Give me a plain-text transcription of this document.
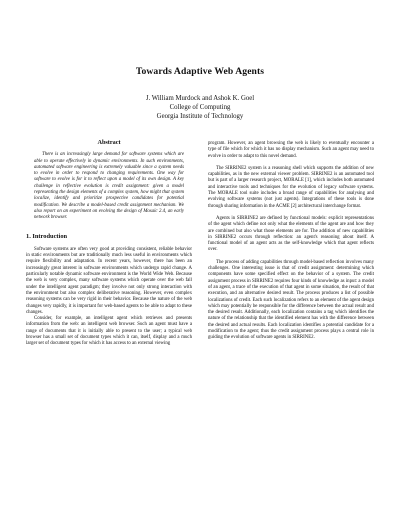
Towards Adaptive Web Agents
J. William Murdock and Ashok K. Goel
College of Computing
Georgia Institute of Technology
Abstract

There is an increasingly large demand for software systems which are able to operate effectively in dynamic environments. In such environments, automated software engineering is extremely valuable since a system needs to evolve in order to respond to changing requirements. One way for software to evolve is for it to reflect upon a model of its own design. A key challenge in reflective evolution is credit assignment: given a model representing the design elements of a complex system, how might that system localize, identify and prioritize prospective candidates for potential modification. We describe a model-based credit assignment mechanism. We also report on an experiment on evolving the design of Mosaic 2.4, an early network browser.

1. Introduction

Software systems are often very good at providing consistent, reliable behavior in static environments but are traditionally much less useful in environments which require flexibility and adaptation. In recent years, however, there has been an increasingly great interest in software environments which undergo rapid change. A particularly notable dynamic software environment is the World Wide Web. Because the web is very complex, many software systems which operate over the web fall under the intelligent agent paradigm; they involve not only strong interaction with the environment but also complex deliberative reasoning. However, even complex reasoning systems can be very rigid in their behavior. Because the nature of the web changes very rapidly, it is important for web-based agents to be able to adapt to these changes.

Consider, for example, an intelligent agent which retrieves and presents information from the web: an intelligent web browser. Such an agent must have a range of documents that it is initially able to present to the user; a typical web browser has a small set of document types which it can, itself, display and a much larger set of document types for which it has access to an external viewing

program. However, an agent browsing the web is likely to eventually encounter a type of file which for which it has no display mechanism. Such an agent may need to evolve in order to adapt to this novel demand.

The SIRRINE2 system is a reasoning shell which supports the addition of new capabilities, as in the new external viewer problem. SIRRINE2 is an automated tool but is part of a larger research project, MORALE [1], which includes both automated and interactive tools and techniques for the evolution of legacy software systems. The MORALE tool suite includes a broad range of capabilities for analysing and evolving software systems (not just agents). Integrations of these tools is done through sharing information in the ACME [2] architectural interchange format.

Agents in SIRRINE2 are defined by functional models: explicit representations of the agent which define not only what the elements of the agent are and how they are combined but also what those elements are for. The addition of new capabilities in SIRRINE2 occurs through reflection: an agent's reasoning about itself. A functional model of an agent acts as the self-knowledge which that agent reflects over.

The process of adding capabilities through model-based reflection involves many challenges. One interesting issue is that of credit assignment: determining which components have some specified effect on the behavior of a system. The credit assignment process in SIRRINE2 requires four kinds of knowledge as input: a model of an agent, a trace of the execution of that agent in some situation, the result of that execution, and an alternative desired result. The process produces a list of possible localizations of credit. Each such localization refers to an element of the agent design which may potentially be responsible for the difference between the actual result and the desired result. Additionally, each localization contains a tag which identifies the nature of the relationship that the identified element has with the difference between the desired and actual results. Each localization identifies a potential candidate for a modification to the agent; thus the credit assignment process plays a central role in guiding the evolution of software agents in SIRRINE2.
